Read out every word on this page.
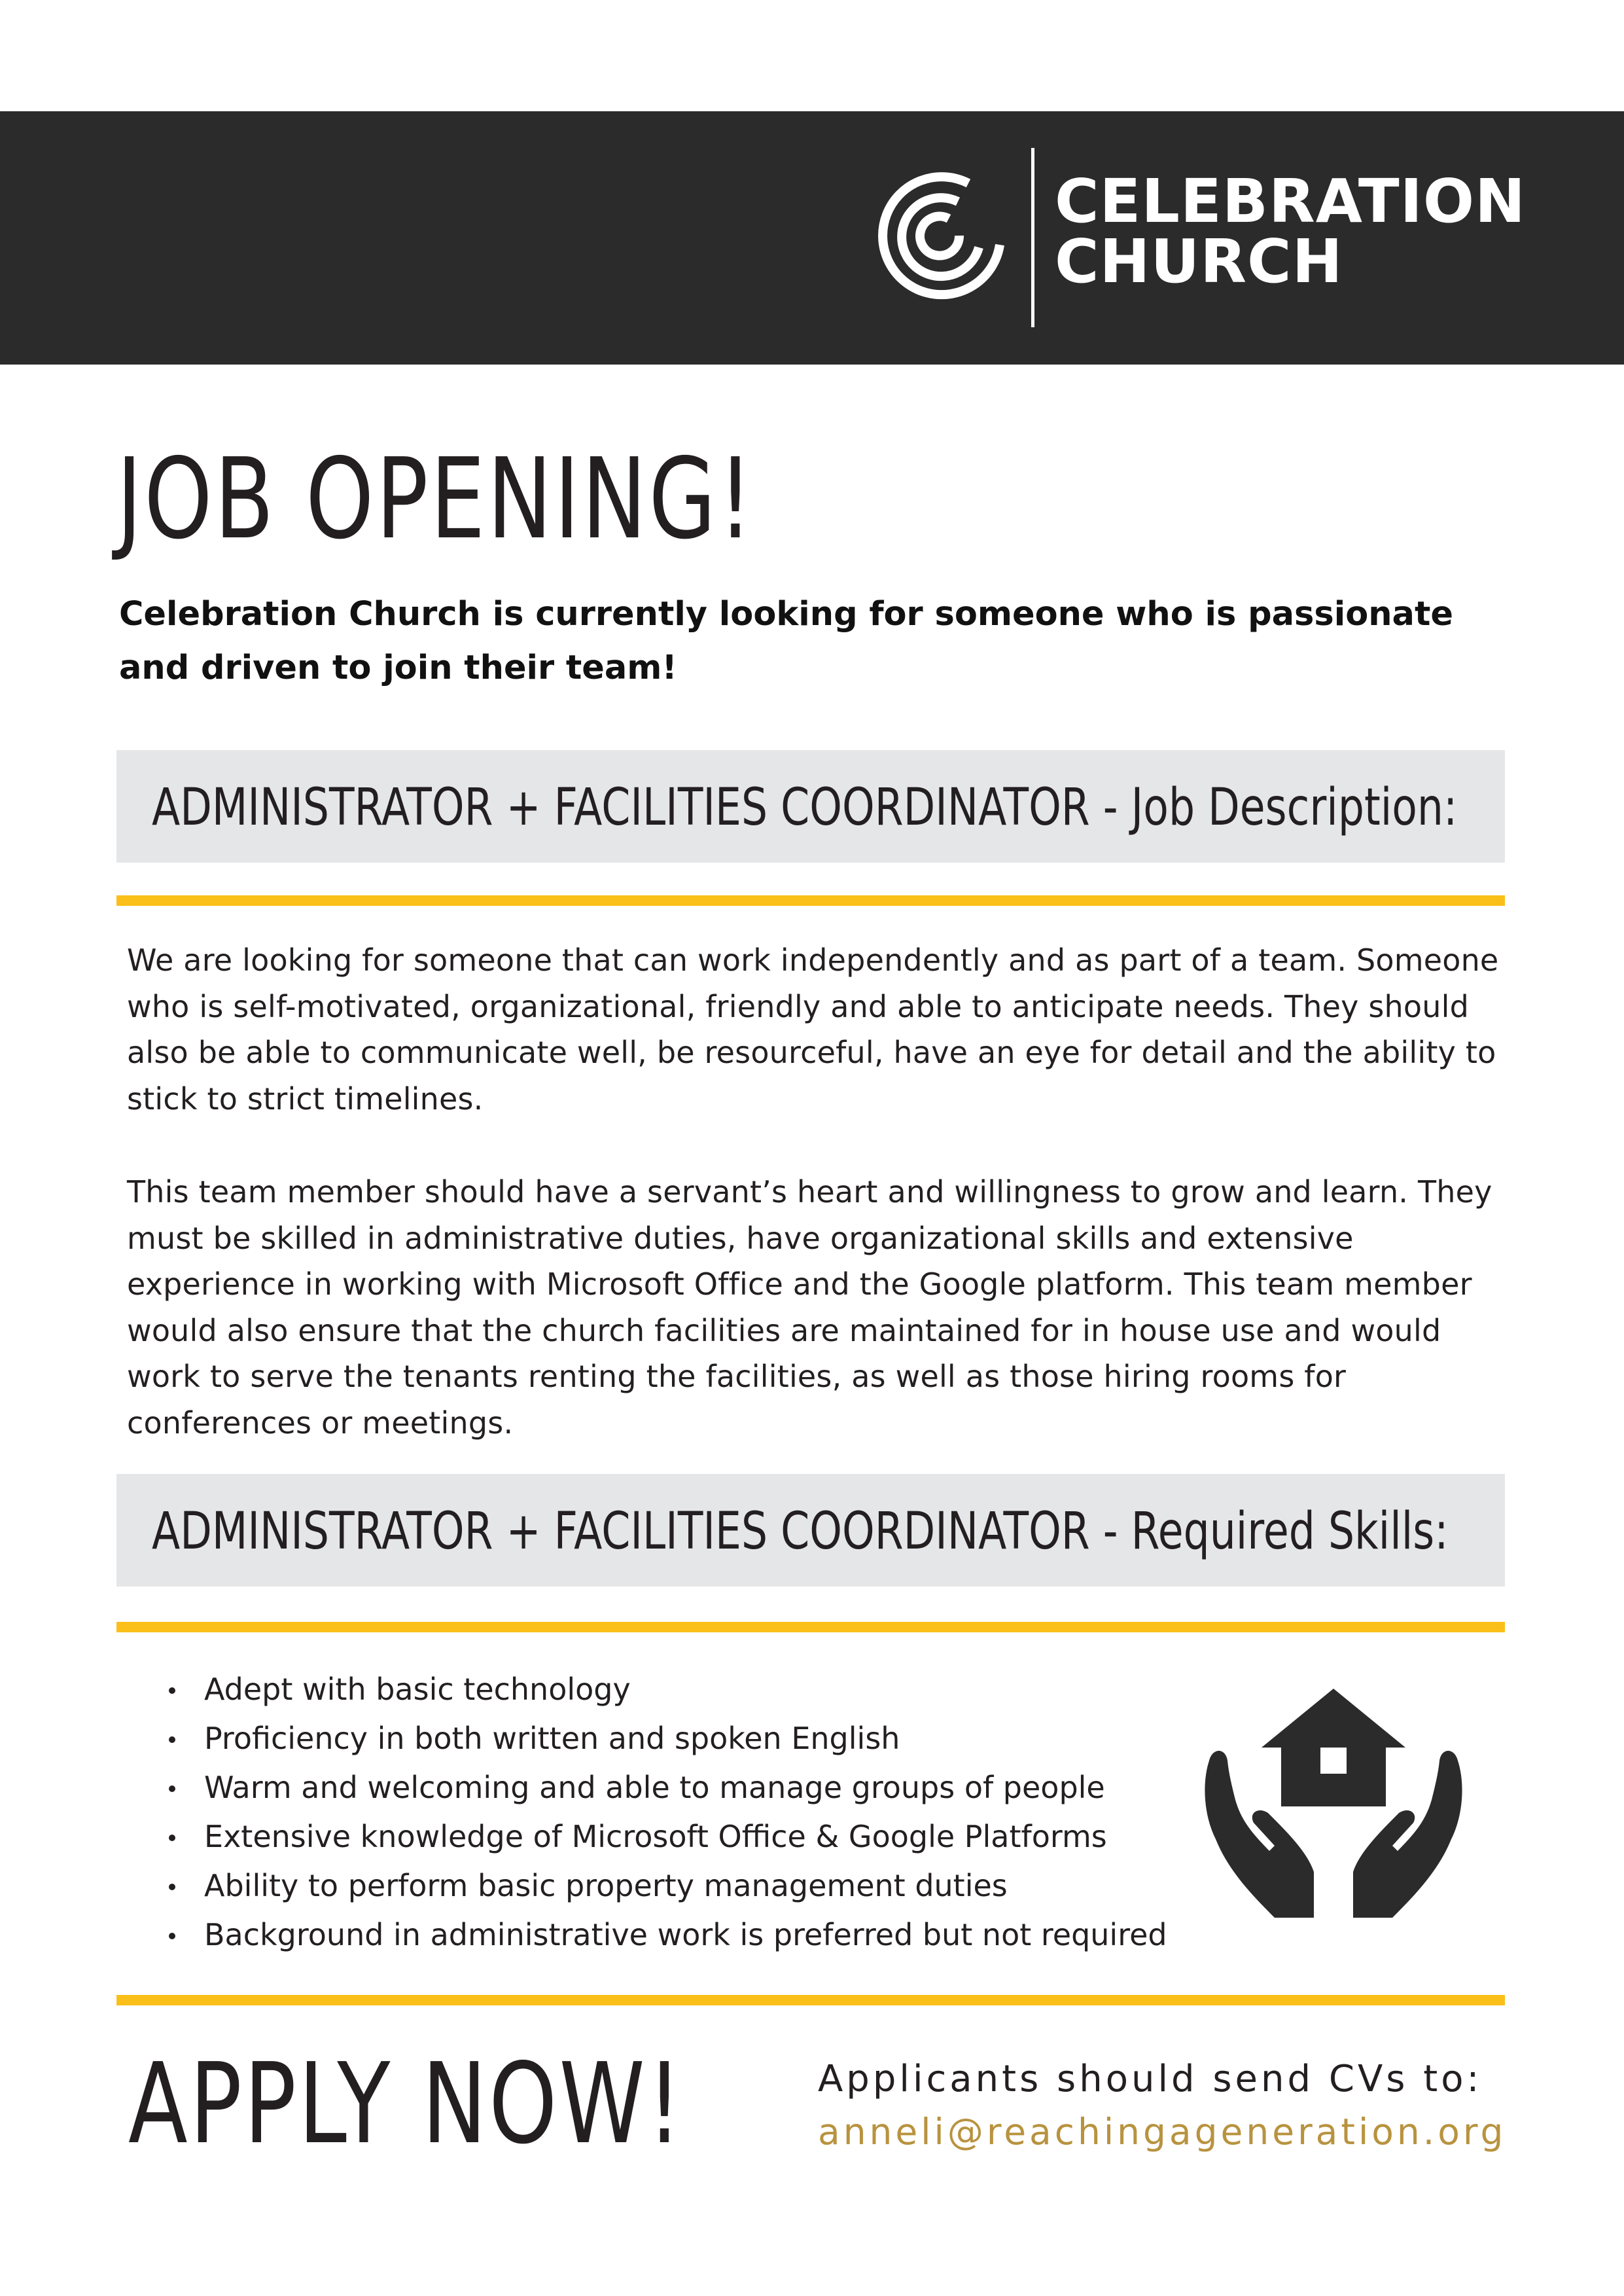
CELEBRATION
CHURCH
JOB OPENING!
Celebration Church is currently looking for someone who is passionate and driven to join their team!
ADMINISTRATOR + FACILITIES COORDINATOR - Job Description:

We are looking for someone that can work independently and as part of a team. Someone who is self-motivated, organizational, friendly and able to anticipate needs. They should also be able to communicate well, be resourceful, have an eye for detail and the ability to stick to strict timelines.

This team member should have a servant’s heart and willingness to grow and learn. They must be skilled in administrative duties, have organizational skills and extensive experience in working with Microsoft Office and the Google platform. This team member would also ensure that the church facilities are maintained for in house use and would work to serve the tenants renting the facilities, as well as those hiring rooms for conferences or meetings.

ADMINISTRATOR + FACILITIES COORDINATOR - Required Skills:
Adept with basic technology
Proficiency in both written and spoken English
Warm and welcoming and able to manage groups of people
Extensive knowledge of Microsoft Office & Google Platforms
Ability to perform basic property management duties
Background in administrative work is preferred but not required
APPLY NOW!	Applicants should send CVs to:
anneli@reachingageneration.org
